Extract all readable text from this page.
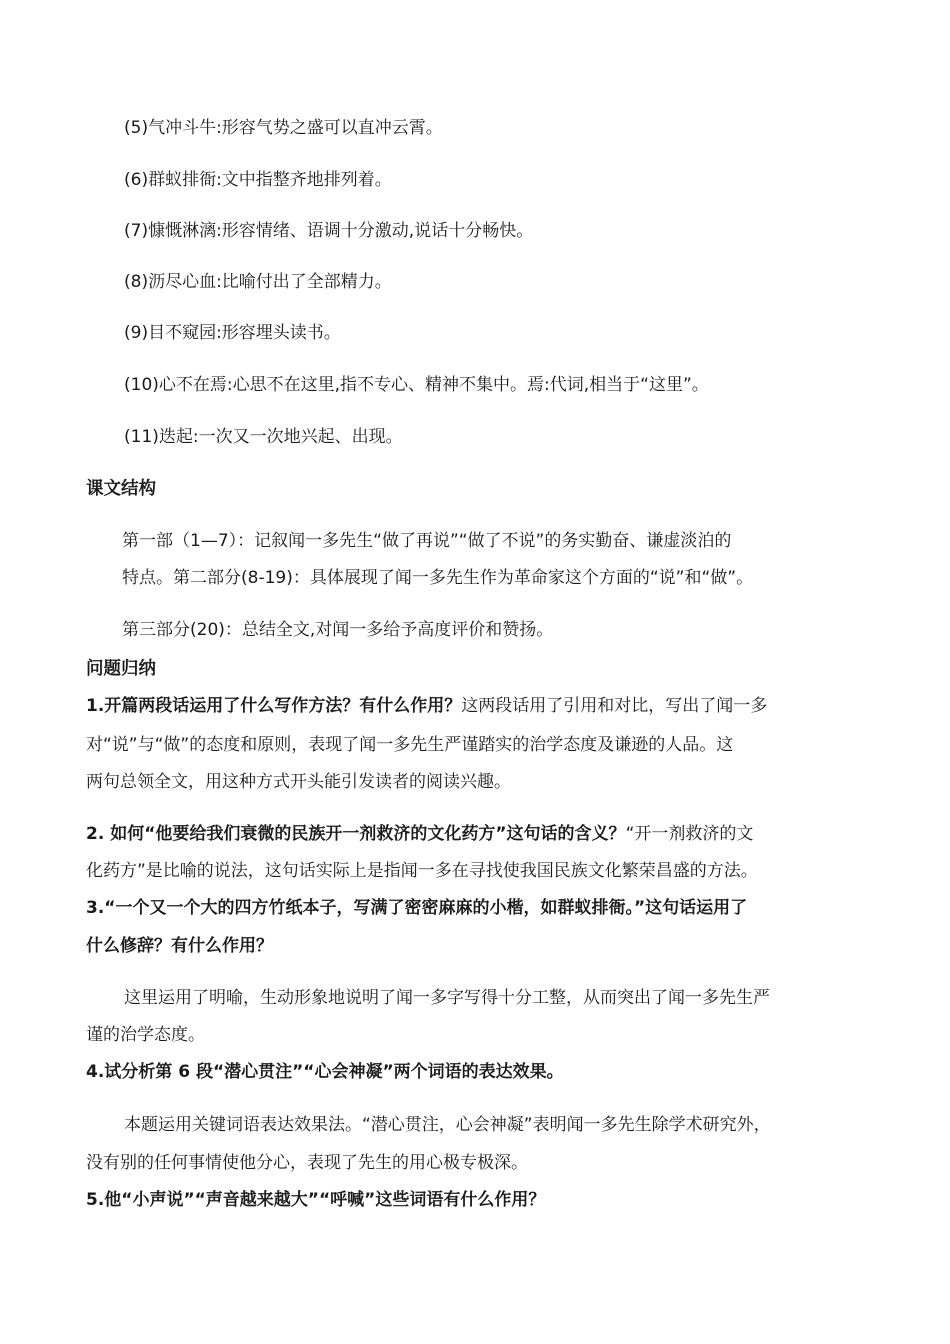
(5)气冲斗牛:形容气势之盛可以直冲云霄。
(6)群蚁排衙:文中指整齐地排列着。
(7)慷慨淋漓:形容情绪、语调十分激动,说话十分畅快。
(8)沥尽心血:比喻付出了全部精力。
(9)目不窥园:形容埋头读书。
(10)心不在焉:心思不在这里,指不专心、精神不集中。焉:代词,相当于“这里”。
(11)迭起:一次又一次地兴起、出现。
课文结构
第一部（1—7）：记叙闻一多先生“做了再说”“做了不说”的务实勤奋、谦虚淡泊的
特点。第二部分(8-19)：具体展现了闻一多先生作为革命家这个方面的“说”和“做”。
第三部分(20)：总结全文,对闻一多给予高度评价和赞扬。
问题归纳
1.开篇两段话运用了什么写作方法？有什么作用？这两段话用了引用和对比，写出了闻一多
对“说”与“做”的态度和原则，表现了闻一多先生严谨踏实的治学态度及谦逊的人品。这
两句总领全文，用这种方式开头能引发读者的阅读兴趣。
2. 如何“他要给我们衰微的民族开一剂救济的文化药方”这句话的含义？“开一剂救济的文
化药方”是比喻的说法，这句话实际上是指闻一多在寻找使我国民族文化繁荣昌盛的方法。
3.“一个又一个大的四方竹纸本子，写满了密密麻麻的小楷，如群蚁排衙。”这句话运用了
什么修辞？有什么作用？
这里运用了明喻，生动形象地说明了闻一多字写得十分工整，从而突出了闻一多先生严
谨的治学态度。
4.试分析第 6 段“潜心贯注”“心会神凝”两个词语的表达效果。
本题运用关键词语表达效果法。“潜心贯注，心会神凝”表明闻一多先生除学术研究外，
没有别的任何事情使他分心，表现了先生的用心极专极深。
5.他“小声说”“声音越来越大”“呼喊”这些词语有什么作用？
